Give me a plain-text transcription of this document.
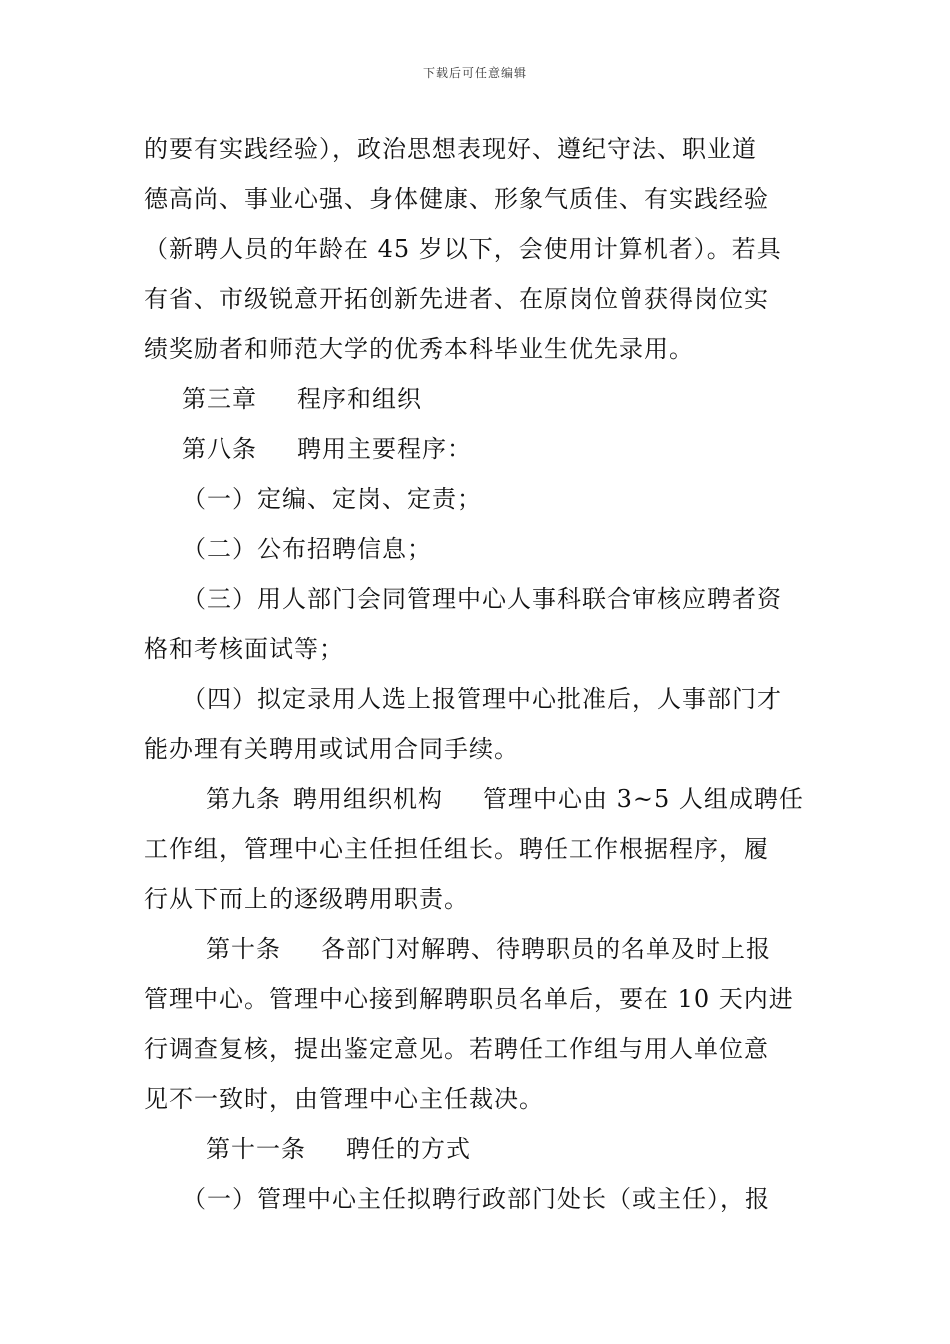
下载后可任意编辑
的要有实践经验），政治思想表现好、遵纪守法、职业道
德高尚、事业心强、身体健康、形象气质佳、有实践经验
（新聘人员的年龄在 45 岁以下，会使用计算机者）。若具
有省、市级锐意开拓创新先进者、在原岗位曾获得岗位实
绩奖励者和师范大学的优秀本科毕业生优先录用。
第三章 程序和组织
第八条 聘用主要程序：
（一）定编、定岗、定责；
（二）公布招聘信息；
（三）用人部门会同管理中心人事科联合审核应聘者资
格和考核面试等；
（四）拟定录用人选上报管理中心批准后，人事部门才
能办理有关聘用或试用合同手续。
第九条 聘用组织机构 管理中心由 3~5 人组成聘任
工作组，管理中心主任担任组长。聘任工作根据程序，履
行从下而上的逐级聘用职责。
第十条 各部门对解聘、待聘职员的名单及时上报
管理中心。管理中心接到解聘职员名单后，要在 10 天内进
行调查复核，提出鉴定意见。若聘任工作组与用人单位意
见不一致时，由管理中心主任裁决。
第十一条 聘任的方式
（一）管理中心主任拟聘行政部门处长（或主任），报
